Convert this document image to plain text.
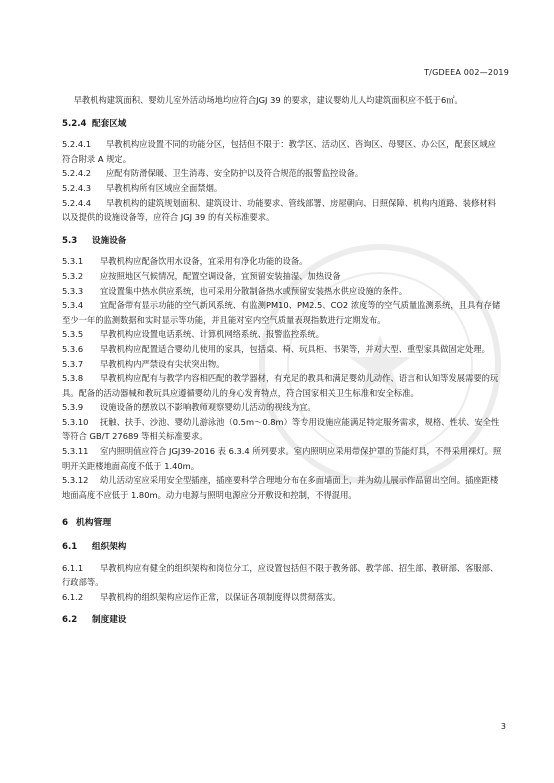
T/GDEEA 002—2019

早教机构建筑面积、婴幼儿室外活动场地均应符合JGJ 39 的要求，建议婴幼儿人均建筑面积应不低于6㎡。

5.2.4 配套区域

5.2.4.1 早教机构应设置不同的功能分区，包括但不限于：教学区、活动区、咨询区、母婴区、办公区，配套区域应符合附录 A 规定。

5.2.4.2 应配有防滑保暖、卫生消毒、安全防护以及符合规范的报警监控设备。

5.2.4.3 早教机构所有区域应全面禁烟。

5.2.4.4 早教机构的建筑规划面积、建筑设计、功能要求、管线部署、房屋朝向、日照保障、机构内道路、装修材料以及提供的设施设备等，应符合 JGJ 39 的有关标准要求。

5.3 设施设备

5.3.1 早教机构应配备饮用水设备，宜采用有净化功能的设备。

5.3.2 应按照地区气候情况，配置空调设备，宜预留安装抽湿、加热设备

5.3.3 宜设置集中热水供应系统，也可采用分散制备热水或预留安装热水供应设施的条件。

5.3.4 宜配备带有显示功能的空气新风系统、有监测PM10、PM2.5、CO2 浓度等的空气质量监测系统，且具有存储至少一年的监测数据和实时显示等功能，并且能对室内空气质量表现指数进行定期发布。

5.3.5 早教机构应设置电话系统、计算机网络系统、报警监控系统。

5.3.6 早教机构应配置适合婴幼儿使用的家具，包括桌、椅、玩具柜、书架等，并对大型、重型家具做固定处理。

5.3.7 早教机构内严禁设有尖状突出物。

5.3.8 早教机构应配有与教学内容相匹配的教学器材，有充足的教具和满足婴幼儿动作、语言和认知等发展需要的玩具。配备的活动器械和教玩具应遵循婴幼儿的身心发育特点，符合国家相关卫生标准和安全标准。

5.3.9 设施设备的摆放以不影响教师观察婴幼儿活动的视线为宜。

5.3.10 抚触、扶手、沙池、婴幼儿游泳池（0.5m～0.8m）等专用设施应能满足特定服务需求，规格、性状、安全性等符合 GB/T 27689 等相关标准要求。

5.3.11 室内照明值应符合 JGJ39-2016 表 6.3.4 所列要求。室内照明应采用带保护罩的节能灯具，不得采用裸灯。照明开关距楼地面高度不低于 1.40m。

5.3.12 幼儿活动室应采用安全型插座，插座要科学合理地分布在多面墙面上，并为幼儿展示作品留出空间。插座距楼地面高度不应低于 1.80m。动力电源与照明电源应分开敷设和控制，不得混用。

6 机构管理
6.1 组织架构

6.1.1 早教机构应有健全的组织架构和岗位分工，应设置包括但不限于教务部、教学部、招生部、教研部、客服部、行政部等。

6.1.2 早教机构的组织架构应运作正常，以保证各项制度得以贯彻落实。

6.2 制度建设
3
